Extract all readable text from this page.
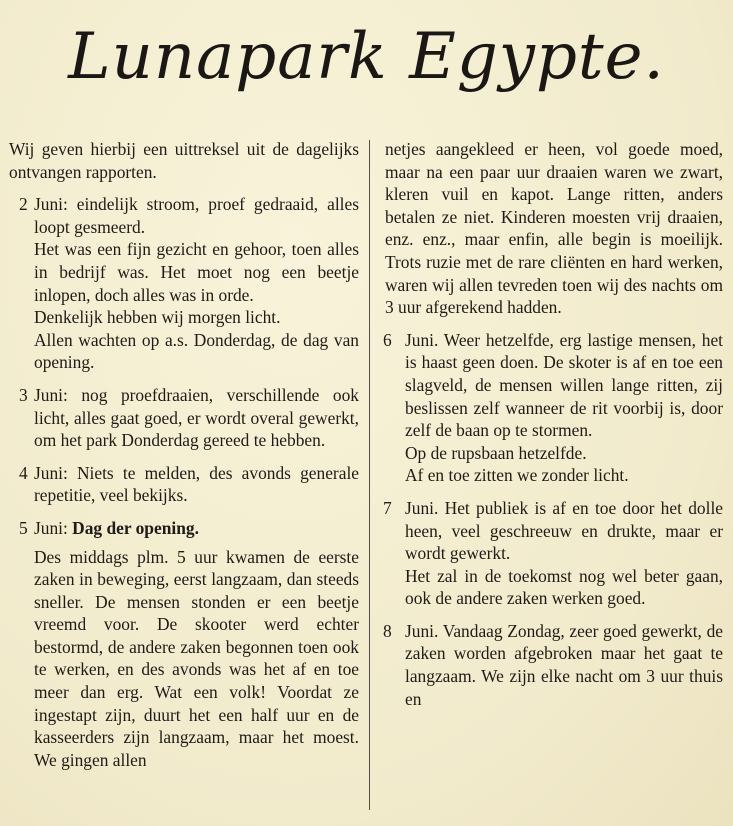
Lunapark Egypte.

Wij geven hierbij een uittreksel uit de dagelijks ontvangen rapporten.

2 Juni: eindelijk stroom, proef gedraaid, alles loopt gesmeerd.

Het was een fijn gezicht en gehoor, toen alles in bedrijf was. Het moet nog een beetje inlopen, doch alles was in orde.

Denkelijk hebben wij morgen licht.

Allen wachten op a.s. Donderdag, de dag van opening.

3 Juni: nog proefdraaien, verschillende ook licht, alles gaat goed, er wordt overal gewerkt, om het park Donderdag gereed te hebben.

4 Juni: Niets te melden, des avonds generale repetitie, veel bekijks.

5 Juni: Dag der opening.

Des middags plm. 5 uur kwamen de eerste zaken in beweging, eerst langzaam, dan steeds sneller. De mensen stonden er een beetje vreemd voor. De skooter werd echter bestormd, de andere zaken begonnen toen ook te werken, en des avonds was het af en toe meer dan erg. Wat een volk! Voordat ze ingestapt zijn, duurt het een half uur en de kasseerders zijn langzaam, maar het moest. We gingen allen

netjes aangekleed er heen, vol goede moed, maar na een paar uur draaien waren we zwart, kleren vuil en kapot. Lange ritten, anders betalen ze niet. Kinderen moesten vrij draaien, enz. enz., maar enfin, alle begin is moeilijk. Trots ruzie met de rare cliënten en hard werken, waren wij allen tevreden toen wij des nachts om 3 uur afgerekend hadden.

6 Juni. Weer hetzelfde, erg lastige mensen, het is haast geen doen. De skoter is af en toe een slagveld, de mensen willen lange ritten, zij beslissen zelf wanneer de rit voorbij is, door zelf de baan op te stormen.

Op de rupsbaan hetzelfde.

Af en toe zitten we zonder licht.

7 Juni. Het publiek is af en toe door het dolle heen, veel geschreeuw en drukte, maar er wordt gewerkt.

Het zal in de toekomst nog wel beter gaan, ook de andere zaken werken goed.

8 Juni. Vandaag Zondag, zeer goed gewerkt, de zaken worden afgebroken maar het gaat te langzaam. We zijn elke nacht om 3 uur thuis en
